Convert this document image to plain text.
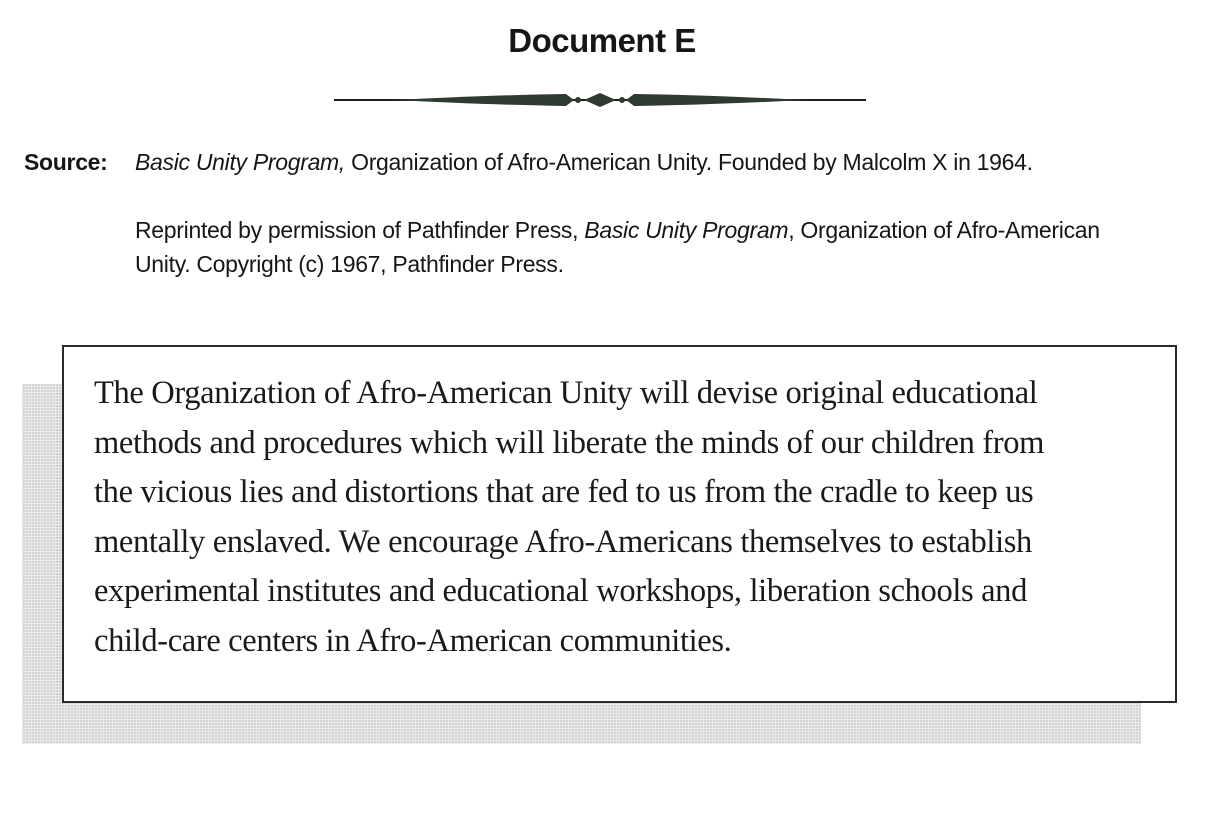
Document E
Source: Basic Unity Program, Organization of Afro-American Unity. Founded by Malcolm X in 1964.
Reprinted by permission of Pathfinder Press, Basic Unity Program, Organization of Afro-American Unity. Copyright (c) 1967, Pathfinder Press.

The Organization of Afro-American Unity will devise original educational
methods and procedures which will liberate the minds of our children from
the vicious lies and distortions that are fed to us from the cradle to keep us
mentally enslaved. We encourage Afro-Americans themselves to establish
experimental institutes and educational workshops, liberation schools and
child-care centers in Afro-American communities.
